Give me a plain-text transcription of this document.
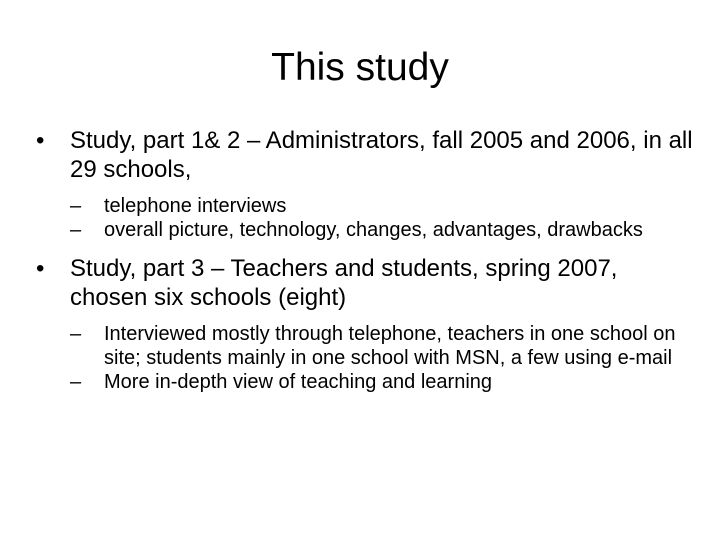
This study
•	Study, part 1& 2 – Administrators, fall 2005 and 2006, in all 29 schools,
– telephone interviews
– overall picture, technology, changes, advantages, drawbacks
•	Study, part 3 – Teachers and students, spring 2007, chosen six schools (eight)
– Interviewed mostly through telephone, teachers in one school on site; students mainly in one school with MSN, a few using e-mail
– More in-depth view of teaching and learning
